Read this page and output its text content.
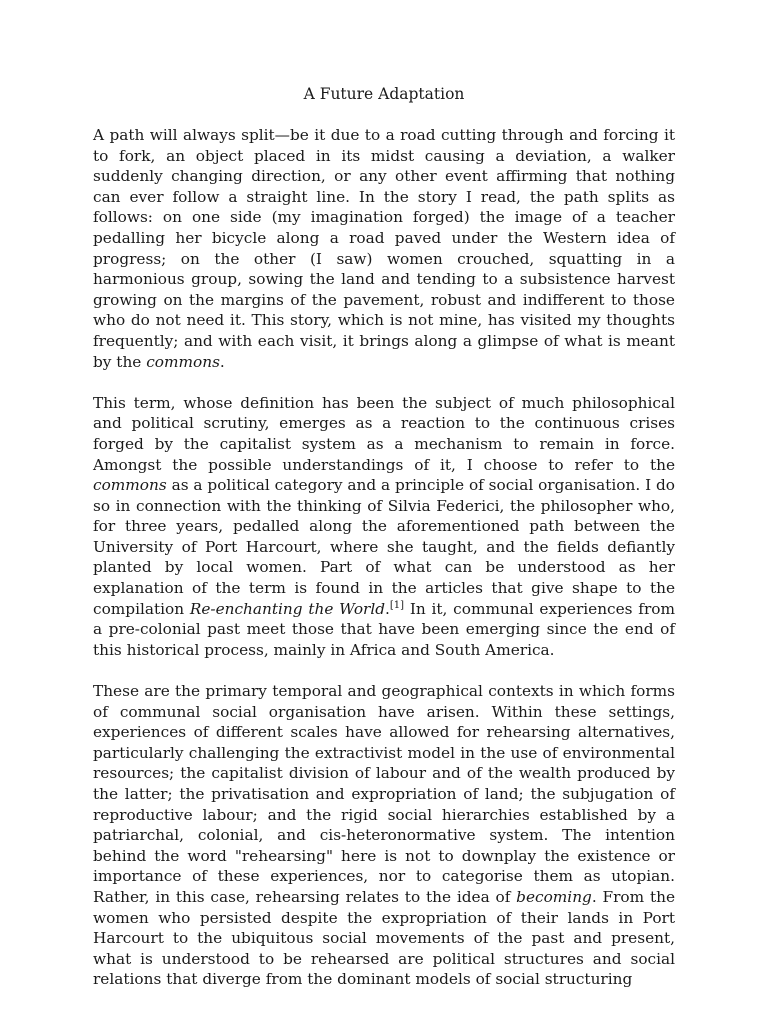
A Future Adaptation

A path will always split—be it due to a road cutting through and forcing it to fork, an object placed in its midst causing a deviation, a walker suddenly changing direction, or any other event affirming that nothing can ever follow a straight line. In the story I read, the path splits as follows: on one side (my imagination forged) the image of a teacher pedalling her bicycle along a road paved under the Western idea of progress; on the other (I saw) women crouched, squatting in a harmonious group, sowing the land and tending to a subsistence harvest growing on the margins of the pavement, robust and indifferent to those who do not need it. This story, which is not mine, has visited my thoughts frequently; and with each visit, it brings along a glimpse of what is meant by the commons.

This term, whose definition has been the subject of much philosophical and political scrutiny, emerges as a reaction to the continuous crises forged by the capitalist system as a mechanism to remain in force. Amongst the possible understandings of it, I choose to refer to the commons as a political category and a principle of social organisation. I do so in connection with the thinking of Silvia Federici, the philosopher who, for three years, pedalled along the aforementioned path between the University of Port Harcourt, where she taught, and the fields defiantly planted by local women. Part of what can be understood as her explanation of the term is found in the articles that give shape to the compilation Re-enchanting the World.[1] In it, communal experiences from a pre-colonial past meet those that have been emerging since the end of this historical process, mainly in Africa and South America.

These are the primary temporal and geographical contexts in which forms of communal social organisation have arisen. Within these settings, experiences of different scales have allowed for rehearsing alternatives, particularly challenging the extractivist model in the use of environmental resources; the capitalist division of labour and of the wealth produced by the latter; the privatisation and expropriation of land; the subjugation of reproductive labour; and the rigid social hierarchies established by a patriarchal, colonial, and cis-heteronormative system. The intention behind the word "rehearsing" here is not to downplay the existence or importance of these experiences, nor to categorise them as utopian. Rather, in this case, rehearsing relates to the idea of becoming. From the women who persisted despite the expropriation of their lands in Port Harcourt to the ubiquitous social movements of the past and present, what is understood to be rehearsed are political structures and social relations that diverge from the dominant models of social structuring
